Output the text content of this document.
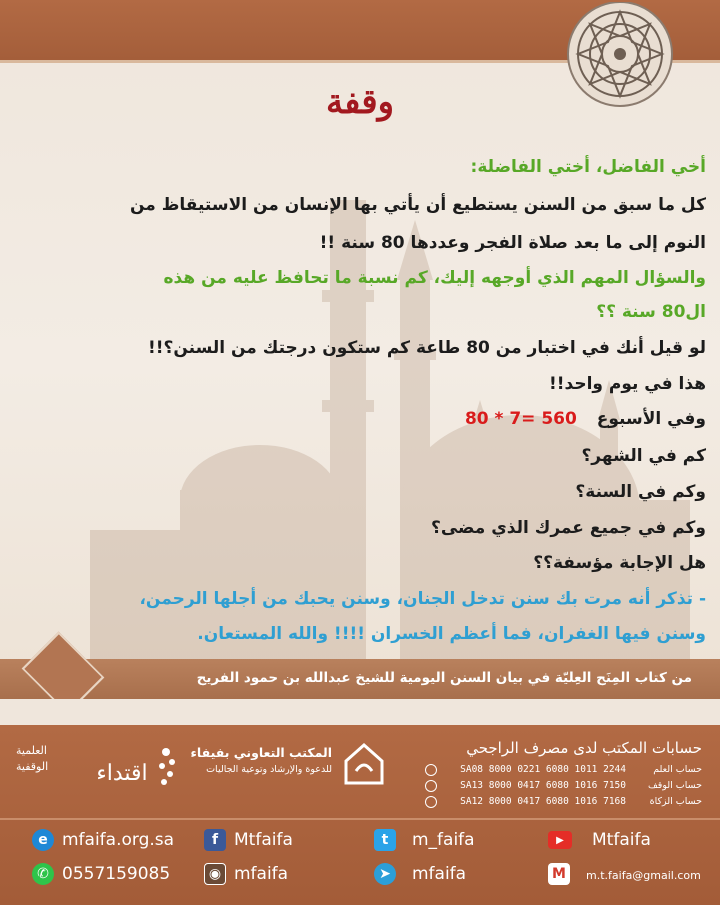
وقفة
أخي الفاضل، أختي الفاضلة:
كل ما سبق من السنن يستطيع أن يأتي بها الإنسان من الاستيقاظ من
النوم إلى ما بعد صلاة الفجر وعددها 80 سنة !!
والسؤال المهم الذي أوجهه إليك، كم نسبة ما تحافظ عليه من هذه
ال80 سنة ؟؟
لو قيل أنك في اختبار من 80 طاعة كم ستكون درجتك من السنن؟!!
هذا في يوم واحد!!
وفي الأسبوع 80 * 7= 560
كم في الشهر؟
وكم في السنة؟
وكم في جميع عمرك الذي مضى؟
هل الإجابة مؤسفة؟؟
- تذكر أنه مرت بك سنن تدخل الجنان، وسنن يحبك من أجلها الرحمن،
وسنن فيها الغفران، فما أعظم الخسران !!!! والله المستعان.
من كتاب المِنَح العِليّة في بيان السنن اليومية للشيخ عبدالله بن حمود الفريح
حسابات المكتب لدى مصرف الراجحي
حساب العلم
SA08 8000 0221 6080 1011 2244
حساب الوقف
SA13 8000 0417 6080 1016 7150
حساب الزكاة
SA12 8000 0417 6080 1016 7168
المكتب التعاوني بفيفاء
للدعوة والإرشاد وتوعية الجاليات
اقتداء
العلمية
الوقفية
e mfaifa.org.sa	f Mtfaifa	t	m_faifa	▶	Mtfaifa
✆ 0557159085	◉ mfaifa	➤	mfaifa	M	m.t.faifa@gmail.com
